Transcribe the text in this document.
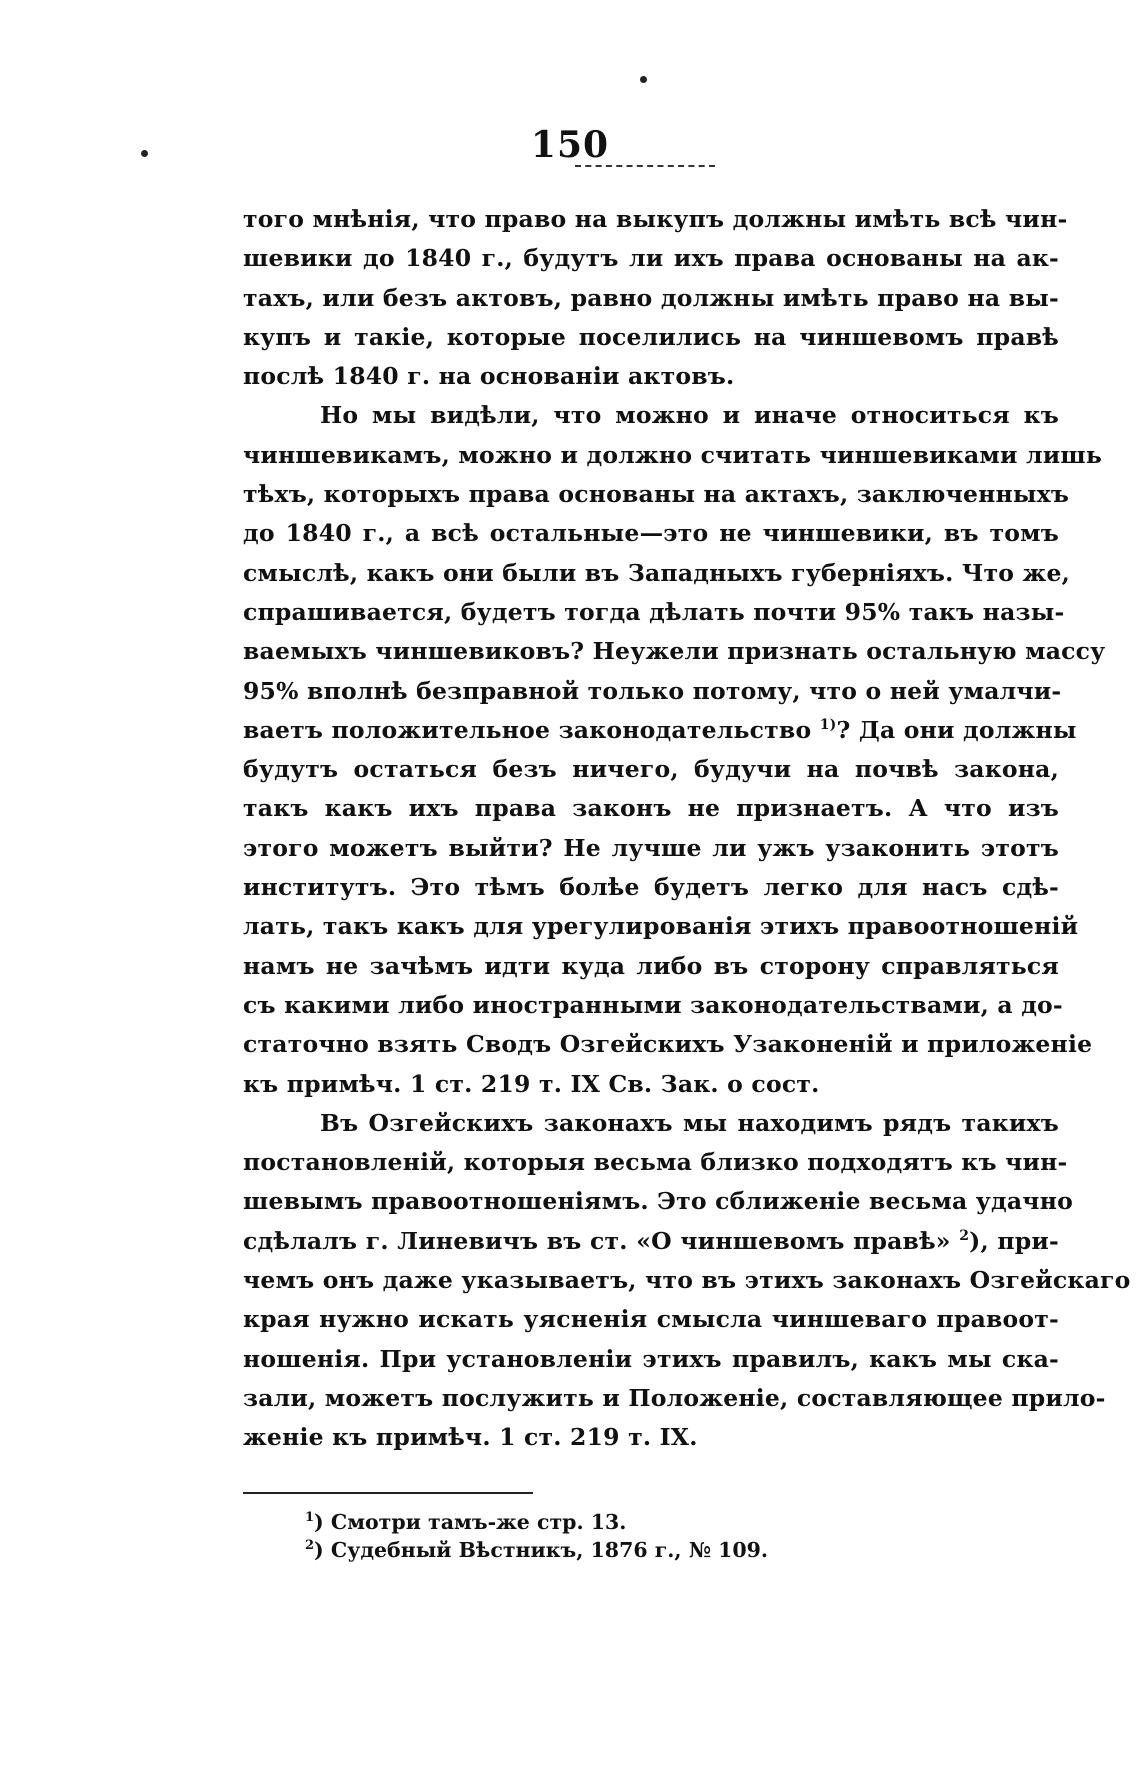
150
того мнѣнія, что право на выкупъ должны имѣть всѣ чин-
шевики до 1840 г., будутъ ли ихъ права основаны на ак-
тахъ, или безъ актовъ, равно должны имѣть право на вы-
купъ и такіе, которые поселились на чиншевомъ правѣ
послѣ 1840 г. на основаніи актовъ.
Но мы видѣли, что можно и иначе относиться къ
чиншевикамъ, можно и должно считать чиншевиками лишь
тѣхъ, которыхъ права основаны на актахъ, заключенныхъ
до 1840 г., а всѣ остальные—это не чиншевики, въ томъ
смыслѣ, какъ они были въ Западныхъ губерніяхъ. Что же,
спрашивается, будетъ тогда дѣлать почти 95% такъ назы-
ваемыхъ чиншевиковъ? Неужели признать остальную массу
95% вполнѣ безправной только потому, что о ней умалчи-
ваетъ положительное законодательство $^{1)}$? Да они должны
будутъ остаться безъ ничего, будучи на почвѣ закона,
такъ какъ ихъ права законъ не признаетъ. А что изъ
этого можетъ выйти? Не лучше ли ужъ узаконить этотъ
институтъ. Это тѣмъ болѣе будетъ легко для насъ сдѣ-
лать, такъ какъ для урегулированія этихъ правоотношеній
намъ не зачѣмъ идти куда либо въ сторону справляться
съ какими либо иностранными законодательствами, а до-
статочно взять Сводъ Озгейскихъ Узаконеній и приложеніе
къ примѣч. 1 ст. 219 т. IX Св. Зак. о сост.
Въ Озгейскихъ законахъ мы находимъ рядъ такихъ
постановленій, которыя весьма близко подходятъ къ чин-
шевымъ правоотношеніямъ. Это сближеніе весьма удачно
сдѣлалъ г. Линевичъ въ ст. «О чиншевомъ правѣ» $^2$), при-
чемъ онъ даже указываетъ, что въ этихъ законахъ Озгейскаго
края нужно искать уясненія смысла чиншеваго правоот-
ношенія. При установленіи этихъ правилъ, какъ мы ска-
зали, можетъ послужить и Положеніе, составляющее прило-
женіе къ примѣч. 1 ст. 219 т. IX.
$^1$) Смотри тамъ-же стр. 13.
$^2$) Судебный Вѣстникъ, 1876 г., № 109.
